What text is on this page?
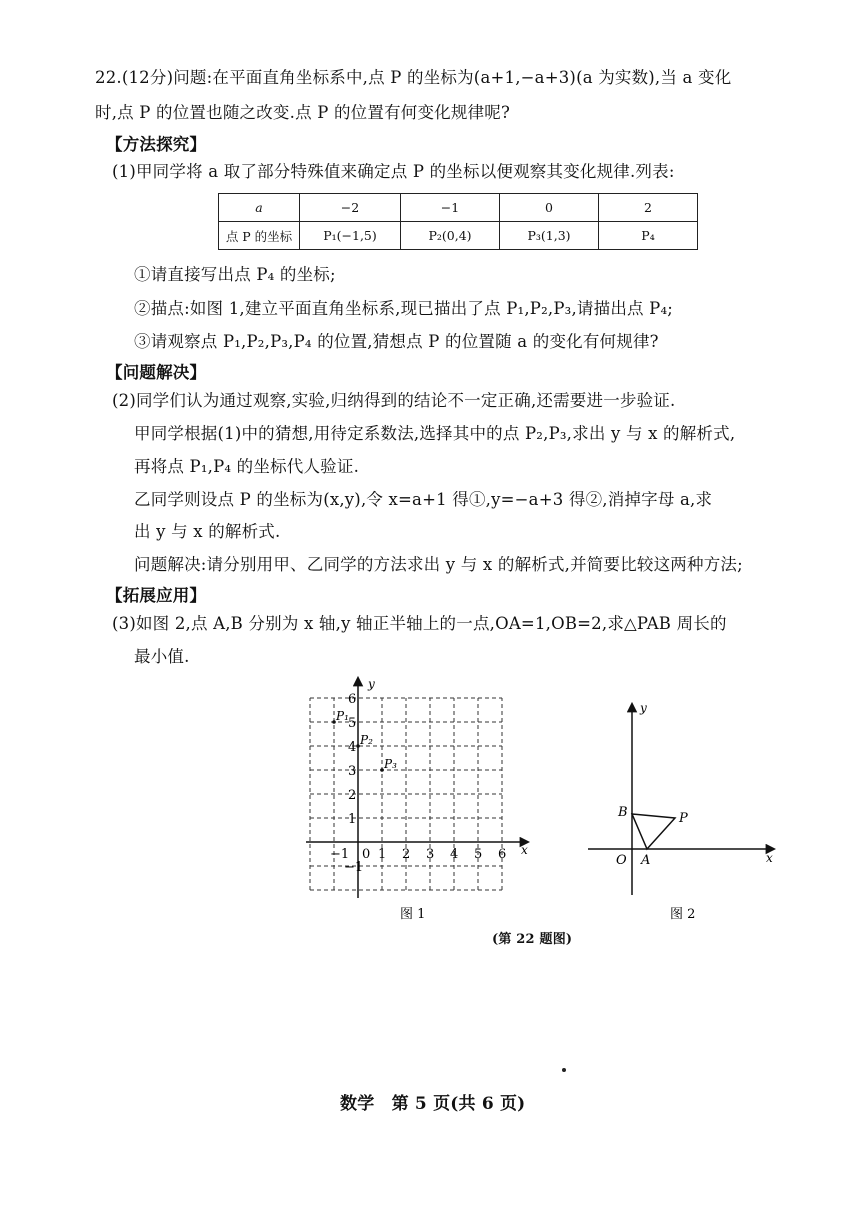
22.(12分)问题:在平面直角坐标系中,点 P 的坐标为(a+1,−a+3)(a 为实数),当 a 变化
时,点 P 的位置也随之改变.点 P 的位置有何变化规律呢?
【方法探究】
(1)甲同学将 a 取了部分特殊值来确定点 P 的坐标以便观察其变化规律.列表:
a	−2	−1	0	2
点 P 的坐标	P₁(−1,5)	P₂(0,4)	P₃(1,3)	P₄
①请直接写出点 P₄ 的坐标;
②描点:如图 1,建立平面直角坐标系,现已描出了点 P₁,P₂,P₃,请描出点 P₄;
③请观察点 P₁,P₂,P₃,P₄ 的位置,猜想点 P 的位置随 a 的变化有何规律?
【问题解决】
(2)同学们认为通过观察,实验,归纳得到的结论不一定正确,还需要进一步验证.
甲同学根据(1)中的猜想,用待定系数法,选择其中的点 P₂,P₃,求出 y 与 x 的解析式,
再将点 P₁,P₄ 的坐标代人验证.
乙同学则设点 P 的坐标为(x,y),令 x=a+1 得①,y=−a+3 得②,消掉字母 a,求
出 y 与 x 的解析式.
问题解决:请分别用甲、乙同学的方法求出 y 与 x 的解析式,并简要比较这两种方法;
【拓展应用】
(3)如图 2,点 A,B 分别为 x 轴,y 轴正半轴上的一点,OA=1,OB=2,求△PAB 周长的
最小值.
x
y
0
−1 1 2 3 4 5 6
−1
1
2
3
4
5
6
P₁
P₂
P₃
图 1
x
y
O A
B	P
图 2
(第 22 题图)
数学　第 5 页(共 6 页)
